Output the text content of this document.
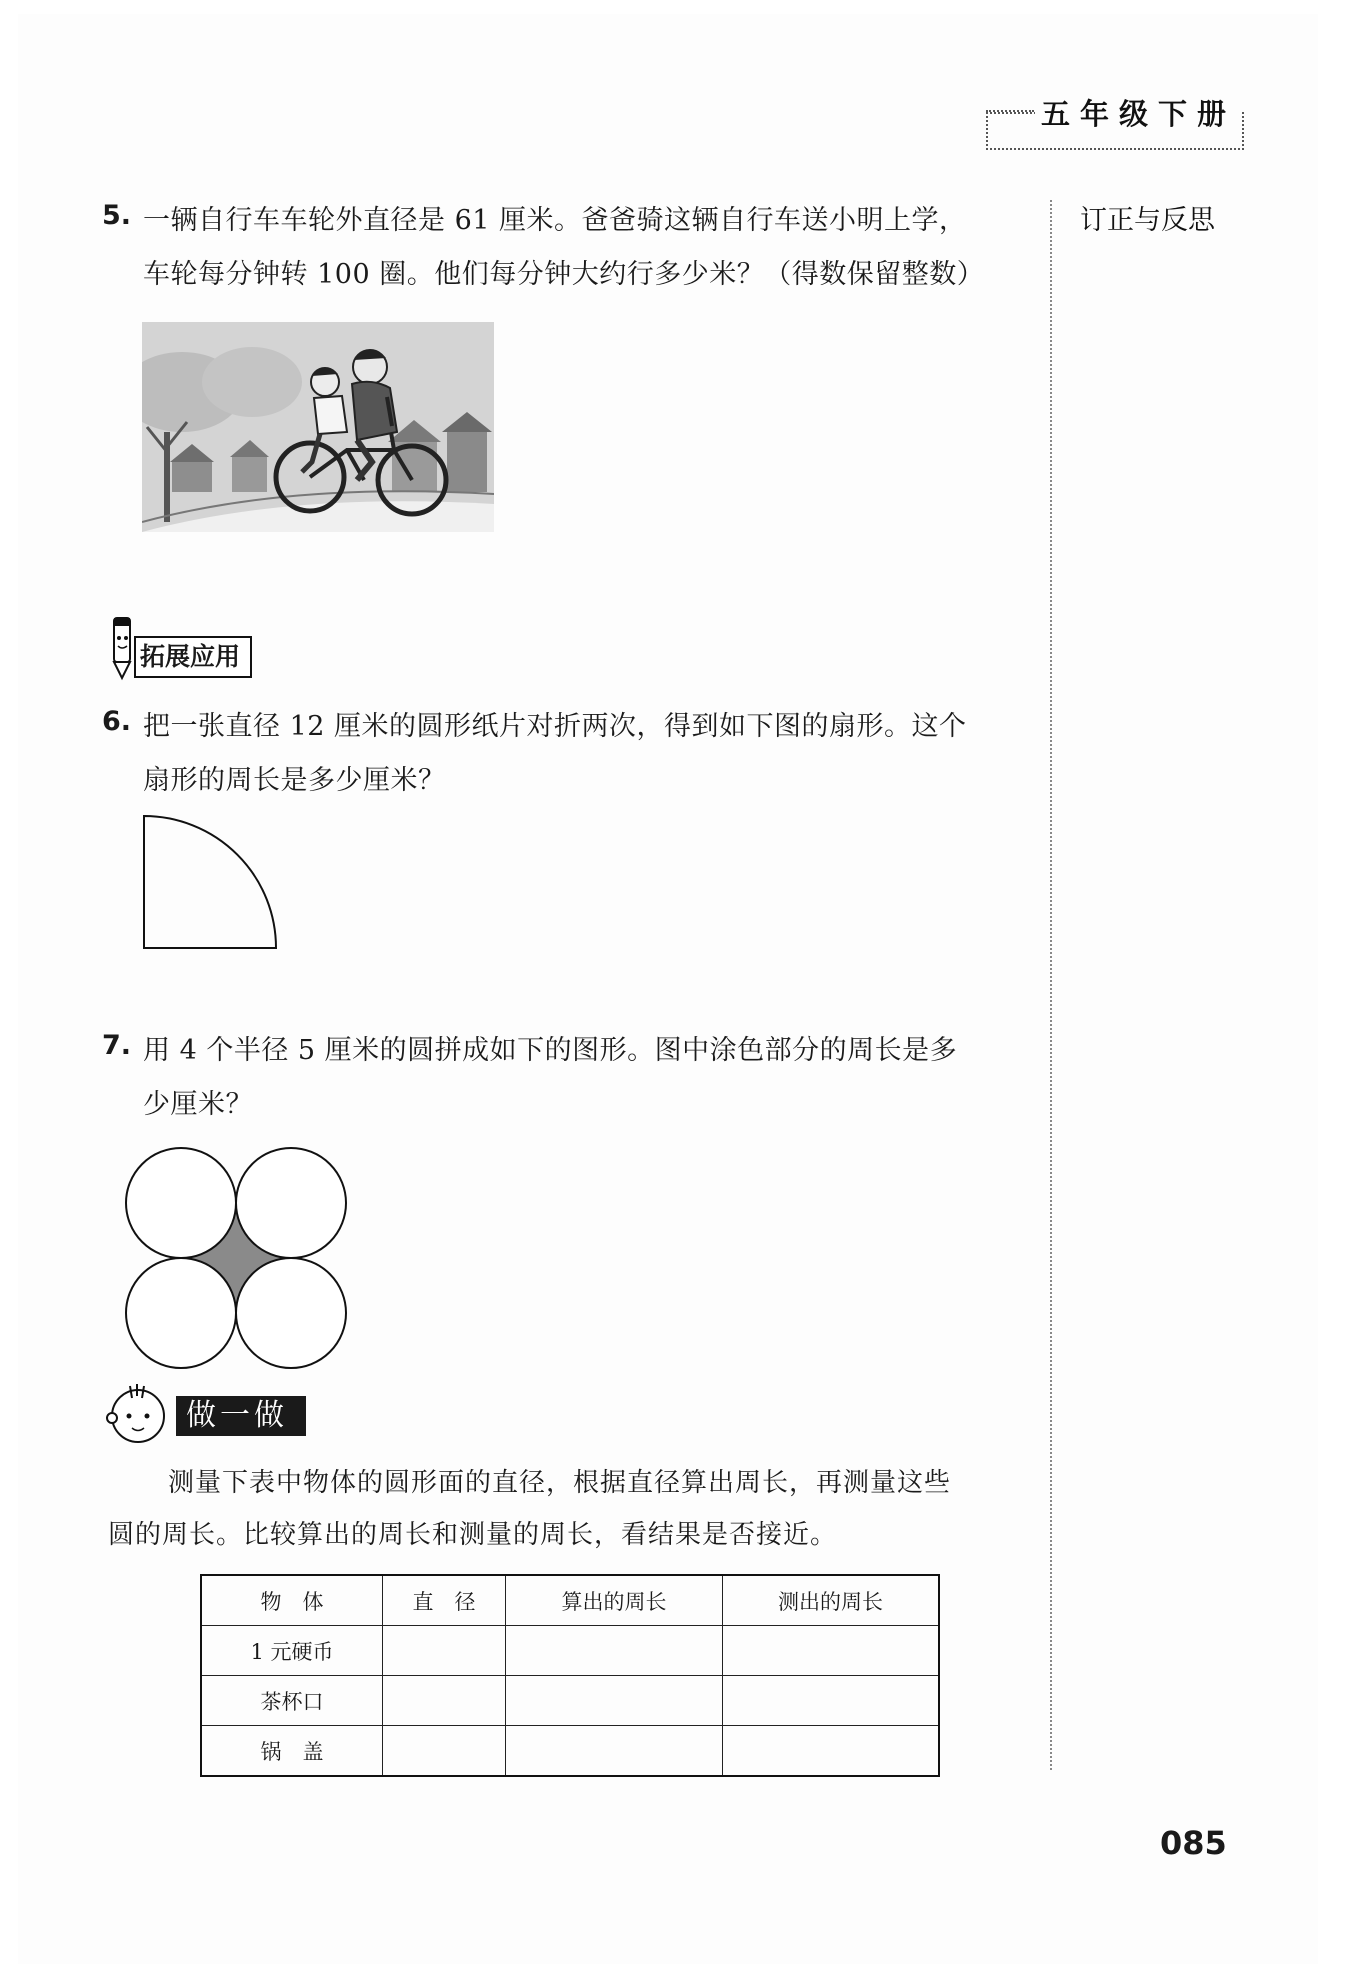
五年级下册
订正与反思
5. 一辆自行车车轮外直径是 61 厘米。爸爸骑这辆自行车送小明上学，
车轮每分钟转 100 圈。他们每分钟大约行多少米？（得数保留整数）
拓展应用
6. 把一张直径 12 厘米的圆形纸片对折两次，得到如下图的扇形。这个
扇形的周长是多少厘米？
7. 用 4 个半径 5 厘米的圆拼成如下的图形。图中涂色部分的周长是多
少厘米？
做一做
测量下表中物体的圆形面的直径，根据直径算出周长，再测量这些
圆的周长。比较算出的周长和测量的周长，看结果是否接近。
物　体	直　径	算出的周长	测出的周长
1 元硬币			
茶杯口			
锅　盖			
085
